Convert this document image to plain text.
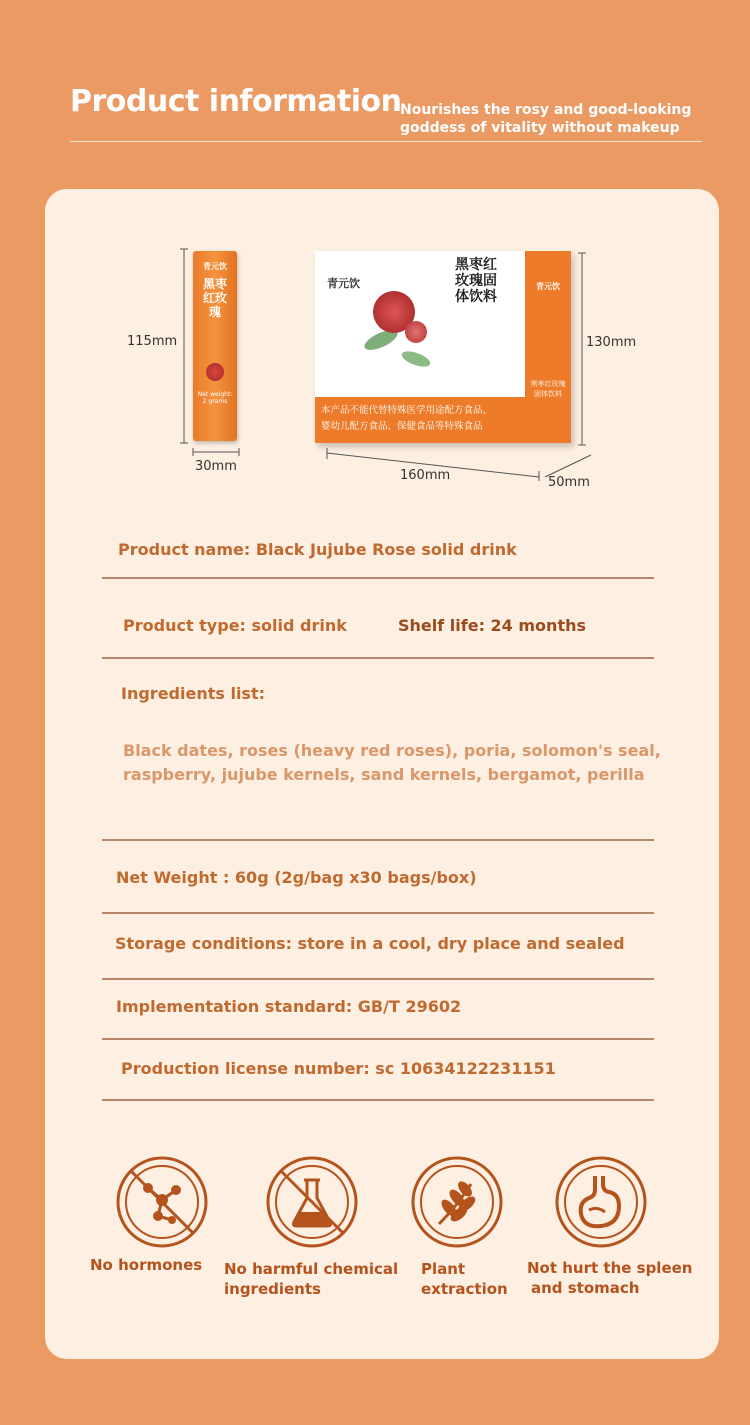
Product information
Nourishes the rosy and good-looking
goddess of vitality without makeup
115mm
青元饮
黑枣红玫瑰
Net weight: 2 grams
30mm
青元饮
黑枣红玫瑰固体饮料
本产品不能代替特殊医学用途配方食品、
婴幼儿配方食品、保健食品等特殊食品
青元饮
黑枣红玫瑰固体饮料
130mm
160mm	50mm
Product name: Black Jujube Rose solid drink
Product type: solid drink	Shelf life: 24 months
Ingredients list:
Black dates, roses (heavy red roses), poria, solomon's seal,
raspberry, jujube kernels, sand kernels, bergamot, perilla
Net Weight : 60g (2g/bag x30 bags/box)
Storage conditions: store in a cool, dry place and sealed
Implementation standard: GB/T 29602
Production license number: sc 10634122231151
No hormones No harmful chemical
ingredients
Plant
extraction
Not hurt the spleen
and stomach
